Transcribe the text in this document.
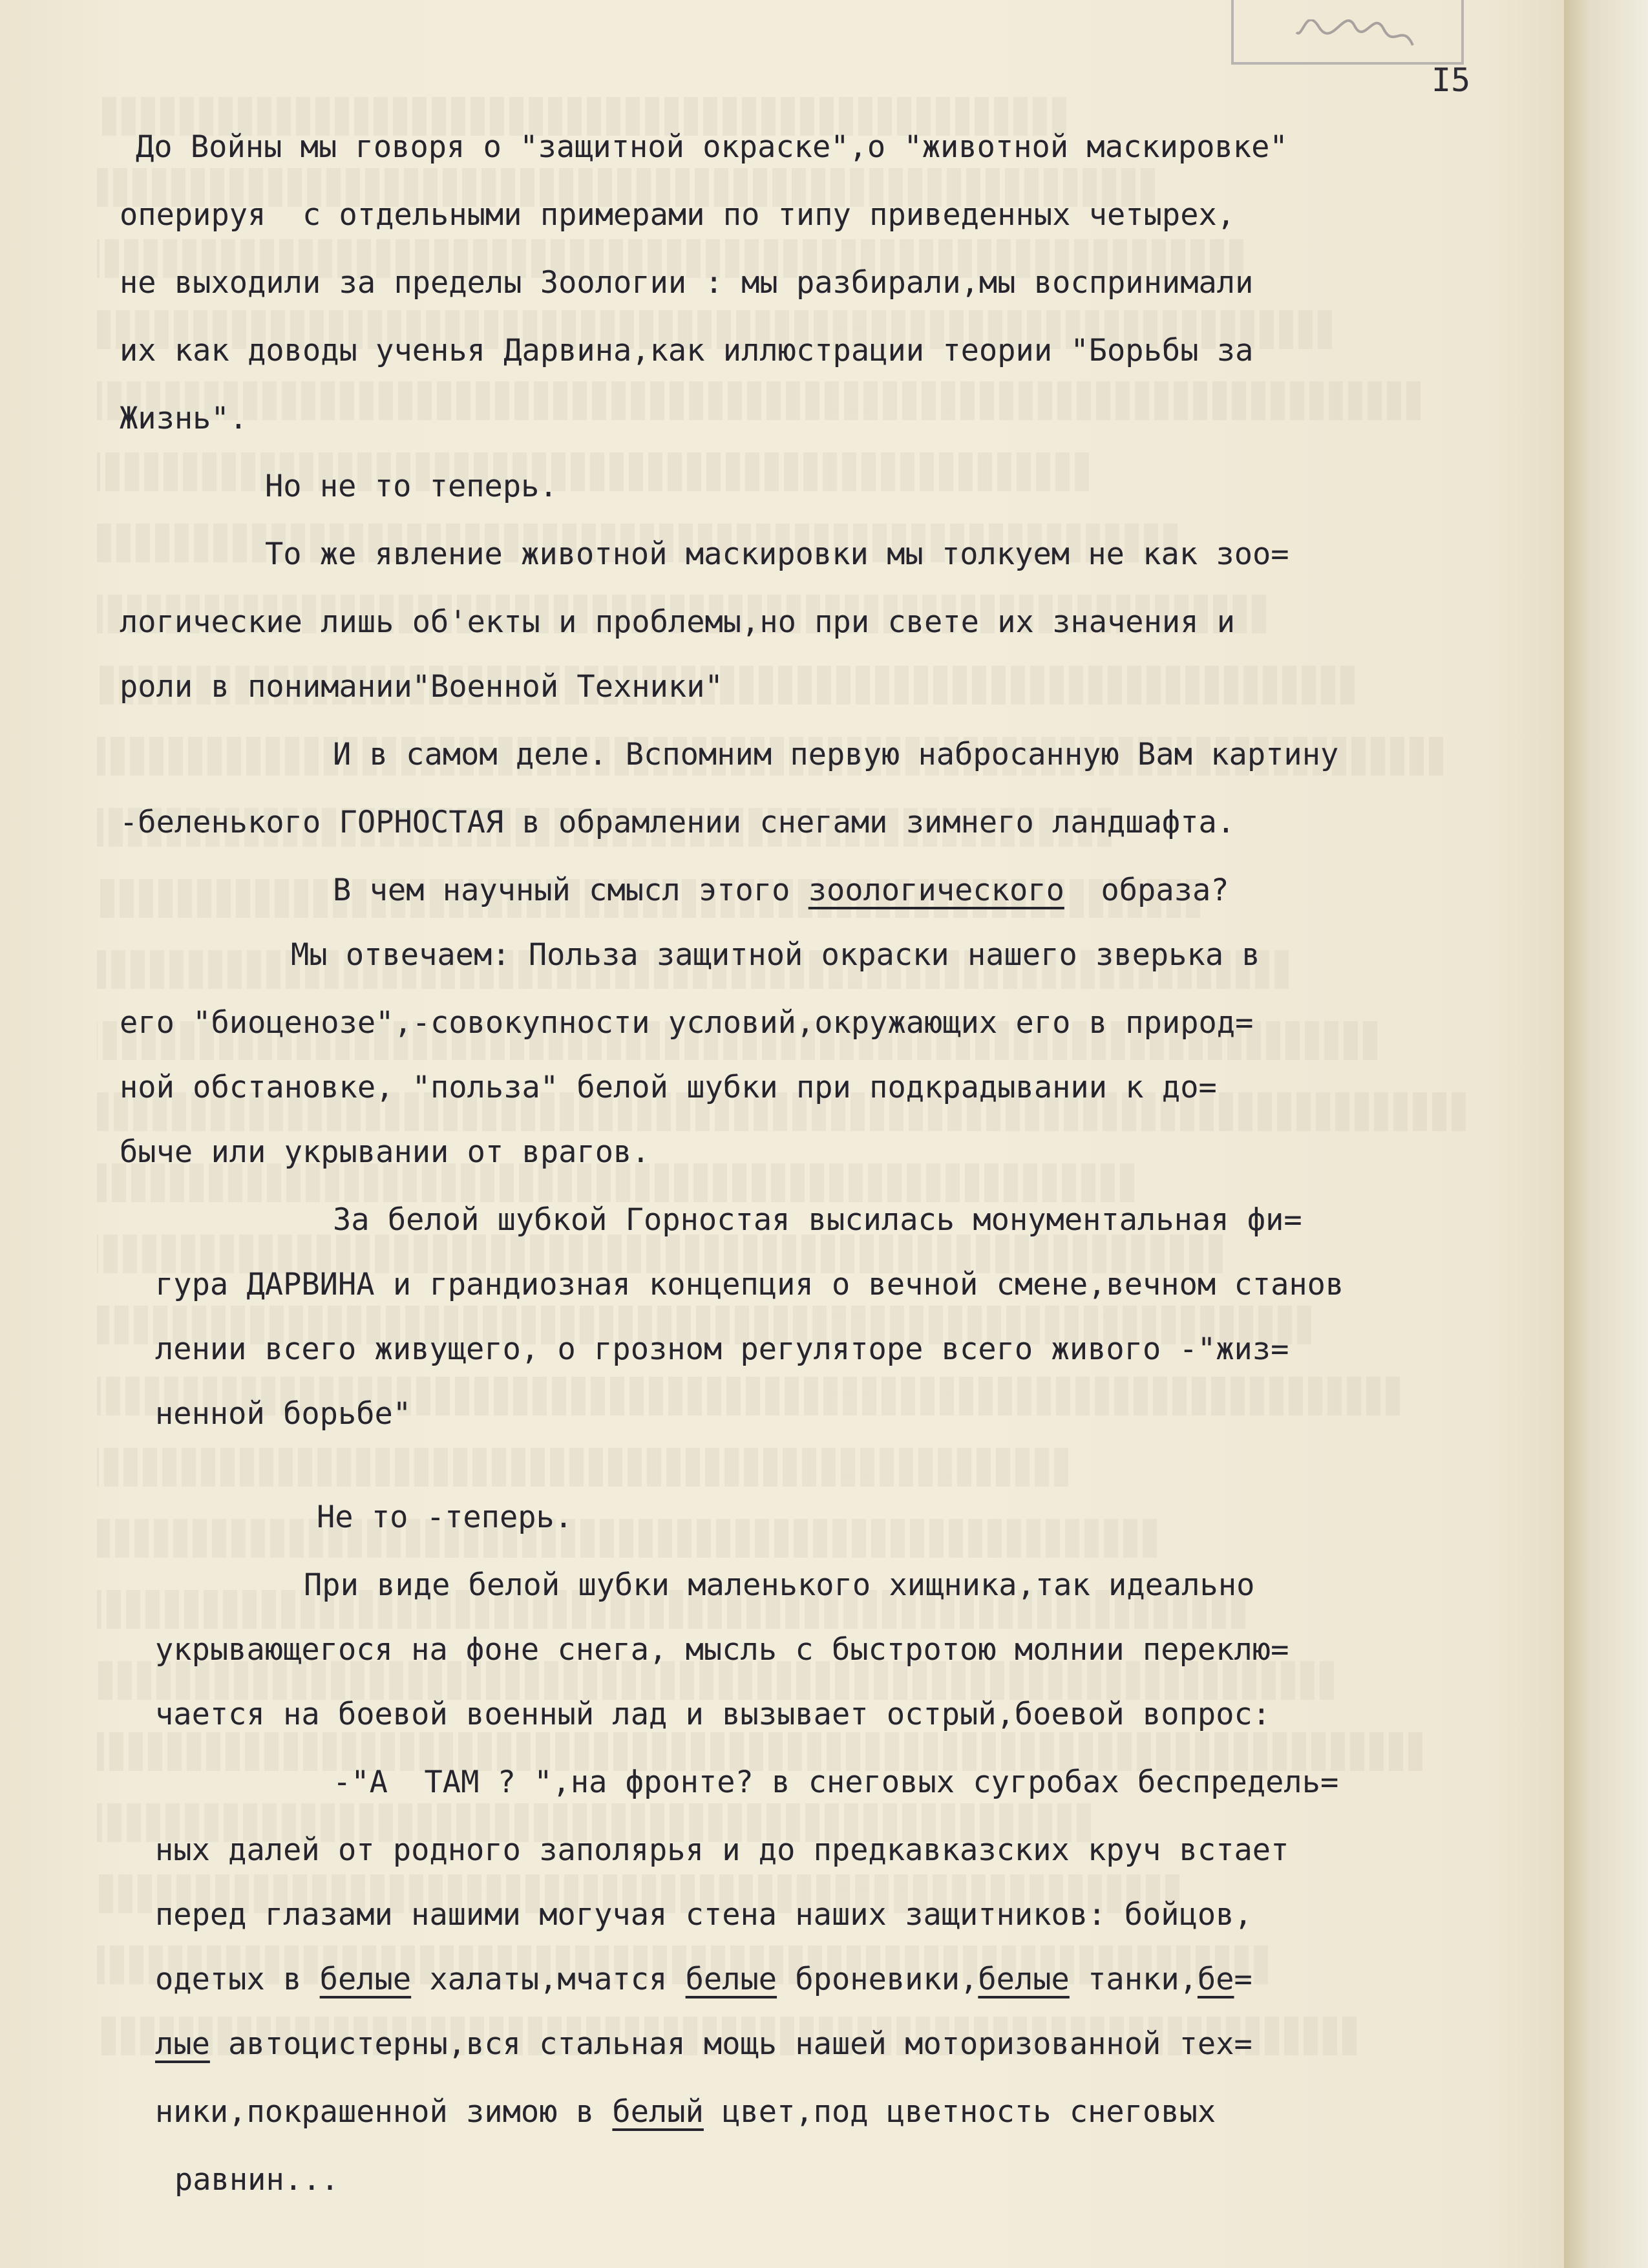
I5
До Войны мы говоря о "защитной окраске",о "животной маскировке"
оперируя  с отдельными примерами по типу приведенных четырех,
не выходили за пределы Зоологии : мы разбирали,мы воспринимали
их как доводы ученья Дарвина,как иллюстрации теории "Борьбы за
Жизнь".
Но не то теперь.
То же явление животной маскировки мы толкуем не как зоо=
логические лишь об'екты и проблемы,но при свете их значения и
роли в понимании"Военной Техники"
И в самом деле. Вспомним первую набросанную Вам картину
-беленького ГОРНОСТАЯ в обрамлении снегами зимнего ландшафта.
В чем научный смысл этого зоологического  образа?
Мы отвечаем: Польза защитной окраски нашего зверька в
его "биоценозе",-совокупности условий,окружающих его в природ=
ной обстановке, "польза" белой шубки при подкрадывании к до=
быче или укрывании от врагов.
За белой шубкой Горностая высилась монументальная фи=
гура ДАРВИНА и грандиозная концепция о вечной смене,вечном станов
лении всего живущего, о грозном регуляторе всего живого -"жиз=
ненной борьбе"
Не то -теперь.
При виде белой шубки маленького хищника,так идеально
укрывающегося на фоне снега, мысль с быстротою молнии переклю=
чается на боевой военный лад и вызывает острый,боевой вопрос:
-"А  ТАМ ? ",на фронте? в снеговых сугробах беспредель=
ных далей от родного заполярья и до предкавказских круч встает
перед глазами нашими могучая стена наших защитников: бойцов,
одетых в белые халаты,мчатся белые броневики,белые танки,бе=
лые автоцистерны,вся стальная мощь нашей моторизованной тех=
ники,покрашенной зимою в белый цвет,под цветность снеговых
равнин...
